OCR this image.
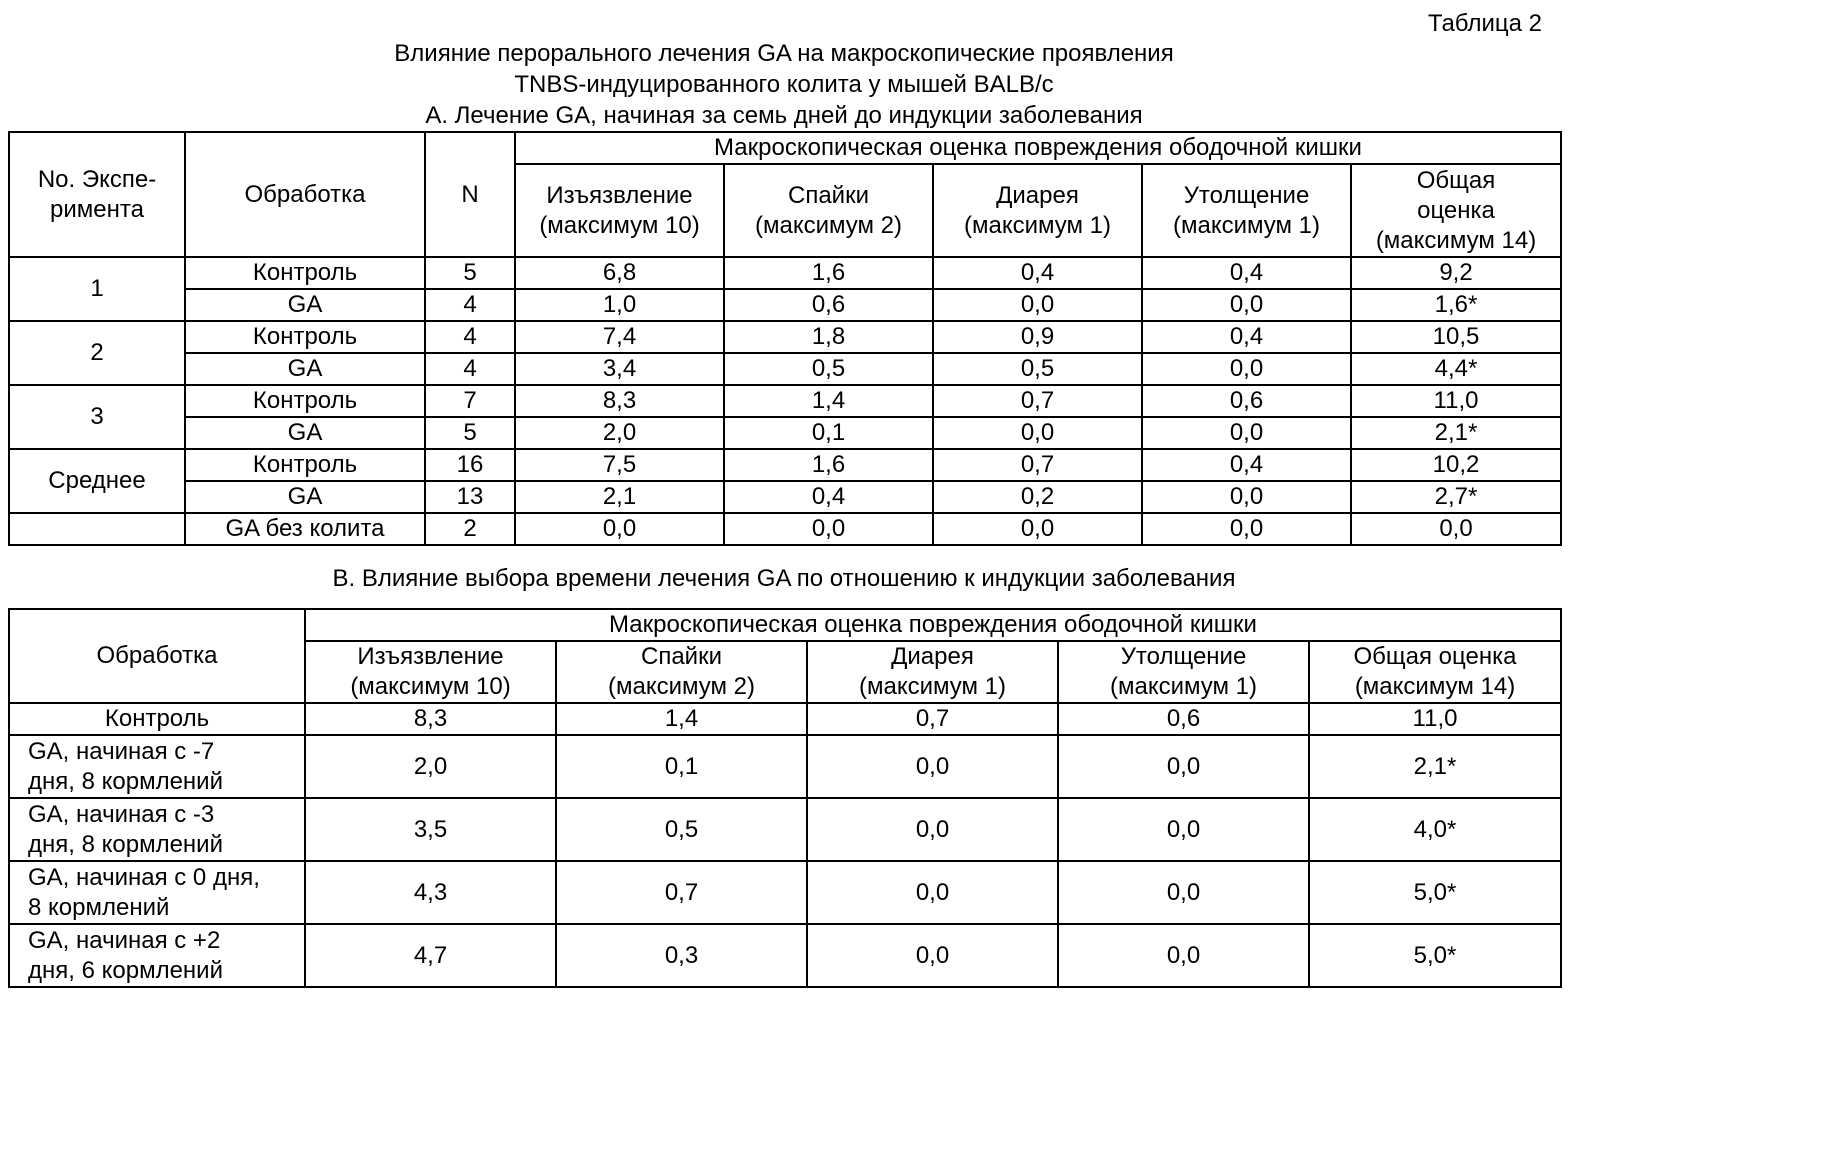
Таблица 2
Влияние перорального лечения GA на макроскопические проявления
TNBS-индуцированного колита у мышей BALB/c
А. Лечение GA, начиная за семь дней до индукции заболевания
No. Экспе-
римента	Обработка	N	Макроскопическая оценка повреждения ободочной кишки
Изъязвление
(максимум 10)	Спайки
(максимум 2)	Диарея
(максимум 1)	Утолщение
(максимум 1)	Общая
оценка
(максимум 14)
1	Контроль	5	6,8	1,6	0,4	0,4	9,2
GA	4	1,0	0,6	0,0	0,0	1,6*
2	Контроль	4	7,4	1,8	0,9	0,4	10,5
GA	4	3,4	0,5	0,5	0,0	4,4*
3	Контроль	7	8,3	1,4	0,7	0,6	11,0
GA	5	2,0	0,1	0,0	0,0	2,1*
Среднее	Контроль	16	7,5	1,6	0,7	0,4	10,2
GA	13	2,1	0,4	0,2	0,0	2,7*
	GA без колита	2	0,0	0,0	0,0	0,0	0,0
В. Влияние выбора времени лечения GA по отношению к индукции заболевания
Обработка	Макроскопическая оценка повреждения ободочной кишки
Изъязвление
(максимум 10)	Спайки
(максимум 2)	Диарея
(максимум 1)	Утолщение
(максимум 1)	Общая оценка
(максимум 14)
Контроль	8,3	1,4	0,7	0,6	11,0
GA, начиная с -7
дня, 8 кормлений	2,0	0,1	0,0	0,0	2,1*
GA, начиная с -3
дня, 8 кормлений	3,5	0,5	0,0	0,0	4,0*
GA, начиная с 0 дня,
8 кормлений	4,3	0,7	0,0	0,0	5,0*
GA, начиная с +2
дня, 6 кормлений	4,7	0,3	0,0	0,0	5,0*
